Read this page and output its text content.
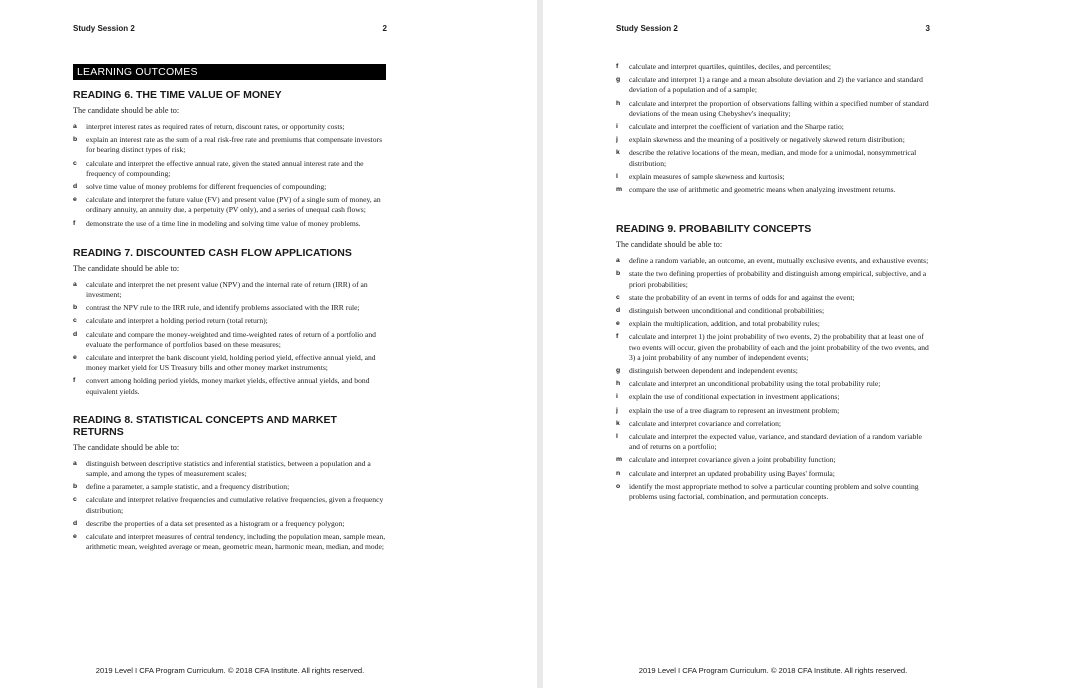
Study Session 2	2
LEARNING OUTCOMES
READING 6. THE TIME VALUE OF MONEY

The candidate should be able to:

a	interpret interest rates as required rates of return, discount rates, or opportunity costs;
b	explain an interest rate as the sum of a real risk-free rate and premiums that compensate investors for bearing distinct types of risk;
c	calculate and interpret the effective annual rate, given the stated annual interest rate and the frequency of compounding;
d	solve time value of money problems for different frequencies of compounding;
e	calculate and interpret the future value (FV) and present value (PV) of a single sum of money, an ordinary annuity, an annuity due, a perpetuity (PV only), and a series of unequal cash flows;
f	demonstrate the use of a time line in modeling and solving time value of money problems.
READING 7. DISCOUNTED CASH FLOW APPLICATIONS

The candidate should be able to:

a	calculate and interpret the net present value (NPV) and the internal rate of return (IRR) of an investment;
b	contrast the NPV rule to the IRR rule, and identify problems associated with the IRR rule;
c	calculate and interpret a holding period return (total return);
d	calculate and compare the money-weighted and time-weighted rates of return of a portfolio and evaluate the performance of portfolios based on these measures;
e	calculate and interpret the bank discount yield, holding period yield, effective annual yield, and money market yield for US Treasury bills and other money market instruments;
f	convert among holding period yields, money market yields, effective annual yields, and bond equivalent yields.
READING 8. STATISTICAL CONCEPTS AND MARKET RETURNS

The candidate should be able to:

a	distinguish between descriptive statistics and inferential statistics, between a population and a sample, and among the types of measurement scales;
b	define a parameter, a sample statistic, and a frequency distribution;
c	calculate and interpret relative frequencies and cumulative relative frequencies, given a frequency distribution;
d	describe the properties of a data set presented as a histogram or a frequency polygon;
e	calculate and interpret measures of central tendency, including the population mean, sample mean, arithmetic mean, weighted average or mean, geometric mean, harmonic mean, median, and mode;
2019 Level I CFA Program Curriculum. © 2018 CFA Institute. All rights reserved.
Study Session 2	3
f	calculate and interpret quartiles, quintiles, deciles, and percentiles;
g	calculate and interpret 1) a range and a mean absolute deviation and 2) the variance and standard deviation of a population and of a sample;
h	calculate and interpret the proportion of observations falling within a specified number of standard deviations of the mean using Chebyshev's inequality;
i	calculate and interpret the coefficient of variation and the Sharpe ratio;
j	explain skewness and the meaning of a positively or negatively skewed return distribution;
k	describe the relative locations of the mean, median, and mode for a unimodal, nonsymmetrical distribution;
l	explain measures of sample skewness and kurtosis;
m compare the use of arithmetic and geometric means when analyzing investment returns.
READING 9. PROBABILITY CONCEPTS

The candidate should be able to:

a	define a random variable, an outcome, an event, mutually exclusive events, and exhaustive events;
b	state the two defining properties of probability and distinguish among empirical, subjective, and a priori probabilities;
c	state the probability of an event in terms of odds for and against the event;
d	distinguish between unconditional and conditional probabilities;
e	explain the multiplication, addition, and total probability rules;
f	calculate and interpret 1) the joint probability of two events, 2) the probability that at least one of two events will occur, given the probability of each and the joint probability of the two events, and 3) a joint probability of any number of independent events;
g	distinguish between dependent and independent events;
h	calculate and interpret an unconditional probability using the total probability rule;
i	explain the use of conditional expectation in investment applications;
j	explain the use of a tree diagram to represent an investment problem;
k	calculate and interpret covariance and correlation;
l	calculate and interpret the expected value, variance, and standard deviation of a random variable and of returns on a portfolio;
m calculate and interpret covariance given a joint probability function;
n	calculate and interpret an updated probability using Bayes' formula;
o	identify the most appropriate method to solve a particular counting problem and solve counting problems using factorial, combination, and permutation concepts.
2019 Level I CFA Program Curriculum. © 2018 CFA Institute. All rights reserved.
